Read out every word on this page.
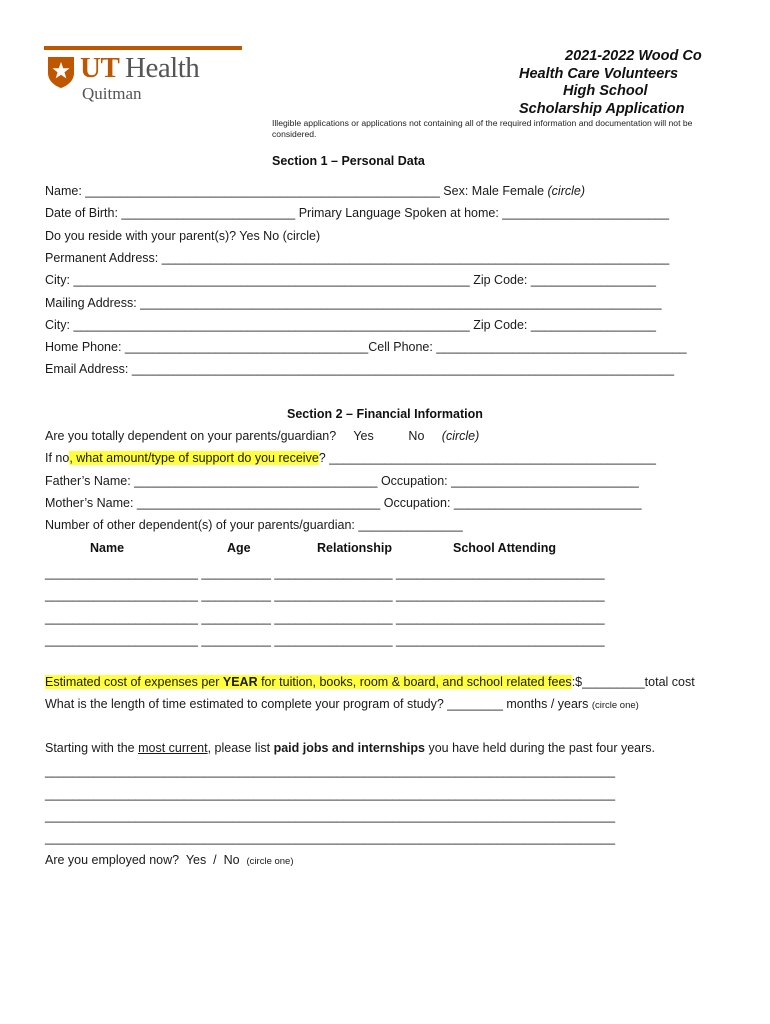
UT Health
Quitman
2021-2022 Wood Co
Health Care Volunteers
High School
Scholarship Application
Illegible applications or applications not containing all of the required information and documentation will not be considered.
Section 1 – Personal Data
Name: ___________________________________________________ Sex: Male Female (circle)
Date of Birth: _________________________ Primary Language Spoken at home: ________________________
Do you reside with your parent(s)? Yes No (circle)
Permanent Address: _________________________________________________________________________
City: _________________________________________________________ Zip Code: __________________
Mailing Address: ___________________________________________________________________________
City: _________________________________________________________ Zip Code: __________________
Home Phone: ___________________________________Cell Phone: ____________________________________
Email Address: ______________________________________________________________________________
Section 2 – Financial Information
Are you totally dependent on your parents/guardian?     Yes          No     (circle)
If no, what amount/type of support do you receive? _______________________________________________
Father’s Name: ___________________________________ Occupation: ___________________________
Mother’s Name: ___________________________________ Occupation: ___________________________
Number of other dependent(s) of your parents/guardian: _______________
Name	Age	Relationship	School Attending
______________________ __________ _________________ ______________________________
______________________ __________ _________________ ______________________________
______________________ __________ _________________ ______________________________
______________________ __________ _________________ ______________________________
Estimated cost of expenses per YEAR for tuition, books, room & board, and school related fees:$_________total cost
What is the length of time estimated to complete your program of study? ________ months / years (circle one)
Starting with the most current, please list paid jobs and internships you have held during the past four years.
__________________________________________________________________________________
__________________________________________________________________________________
__________________________________________________________________________________
__________________________________________________________________________________
Are you employed now?  Yes  /  No  (circle one)
